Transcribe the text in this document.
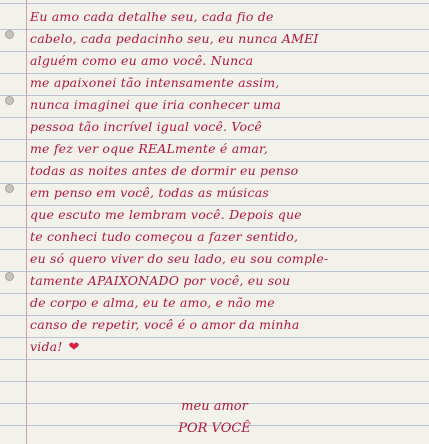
Eu amo cada detalhe seu, cada fio de
cabelo, cada pedacinho seu, eu nunca AMEI
alguém como eu amo você. Nunca
me apaixonei tão intensamente assim,
nunca imaginei que iria conhecer uma
pessoa tão incrível igual você. Você
me fez ver oque REALmente é amar,
todas as noites antes de dormir eu penso
em penso em você, todas as músicas
que escuto me lembram você. Depois que
te conheci tudo começou a fazer sentido,
eu só quero viver do seu lado, eu sou comple-
tamente APAIXONADO por você, eu sou
de corpo e alma, eu te amo, e não me
canso de repetir, você é o amor da minha
vida! ❤
meu amor
POR VOCÊ
